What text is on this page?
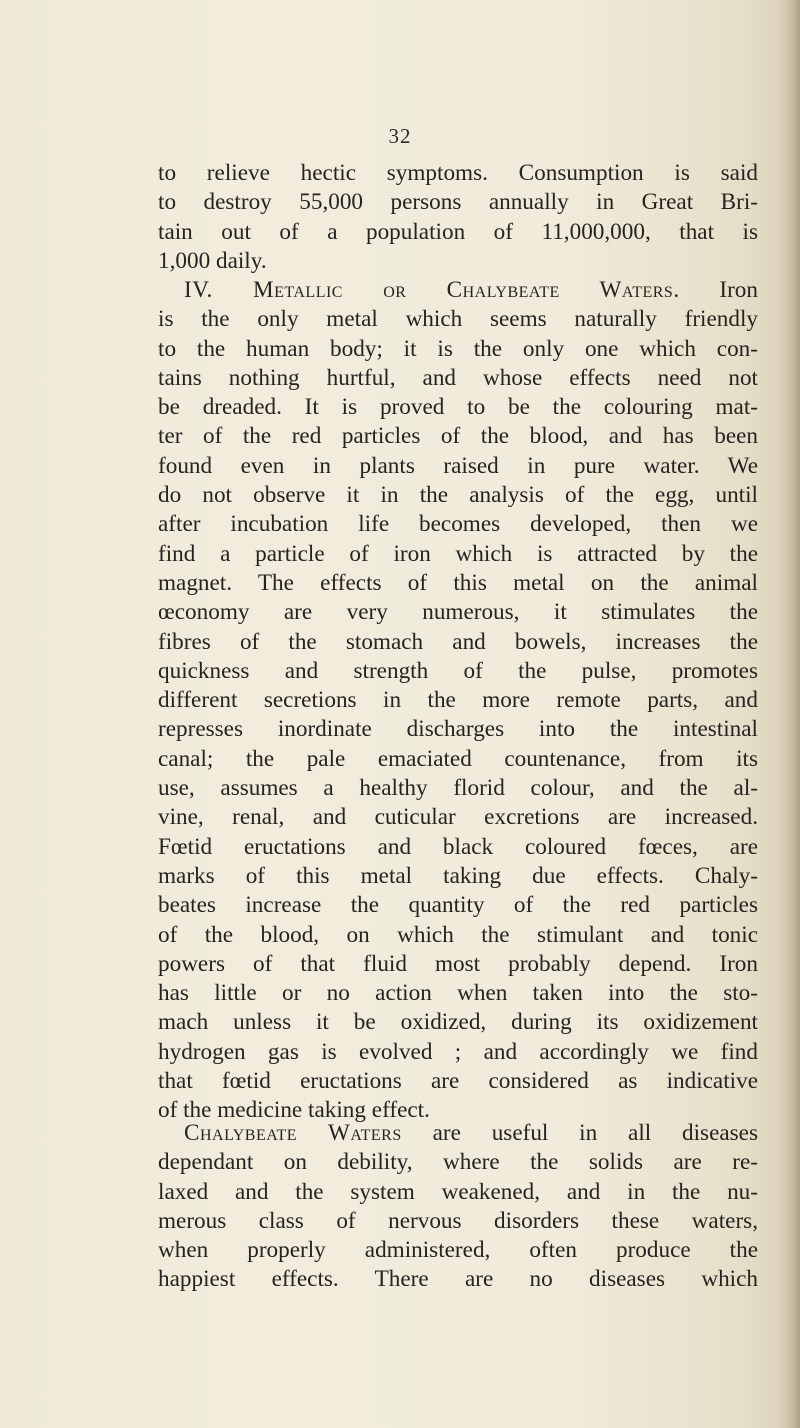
32
to relieve hectic symptoms. Consumption is said
to destroy 55,000 persons annually in Great Bri-
tain out of a population of 11,000,000, that is
1,000 daily.
IV. Metallic or Chalybeate Waters. Iron
is the only metal which seems naturally friendly
to the human body; it is the only one which con-
tains nothing hurtful, and whose effects need not
be dreaded. It is proved to be the colouring mat-
ter of the red particles of the blood, and has been
found even in plants raised in pure water. We
do not observe it in the analysis of the egg, until
after incubation life becomes developed, then we
find a particle of iron which is attracted by the
magnet. The effects of this metal on the animal
œconomy are very numerous, it stimulates the
fibres of the stomach and bowels, increases the
quickness and strength of the pulse, promotes
different secretions in the more remote parts, and
represses inordinate discharges into the intestinal
canal; the pale emaciated countenance, from its
use, assumes a healthy florid colour, and the al-
vine, renal, and cuticular excretions are increased.
Fœtid eructations and black coloured fœces, are
marks of this metal taking due effects. Chaly-
beates increase the quantity of the red particles
of the blood, on which the stimulant and tonic
powers of that fluid most probably depend. Iron
has little or no action when taken into the sto-
mach unless it be oxidized, during its oxidizement
hydrogen gas is evolved ; and accordingly we find
that fœtid eructations are considered as indicative
of the medicine taking effect.
Chalybeate Waters are useful in all diseases
dependant on debility, where the solids are re-
laxed and the system weakened, and in the nu-
merous class of nervous disorders these waters,
when properly administered, often produce the
happiest effects. There are no diseases which
